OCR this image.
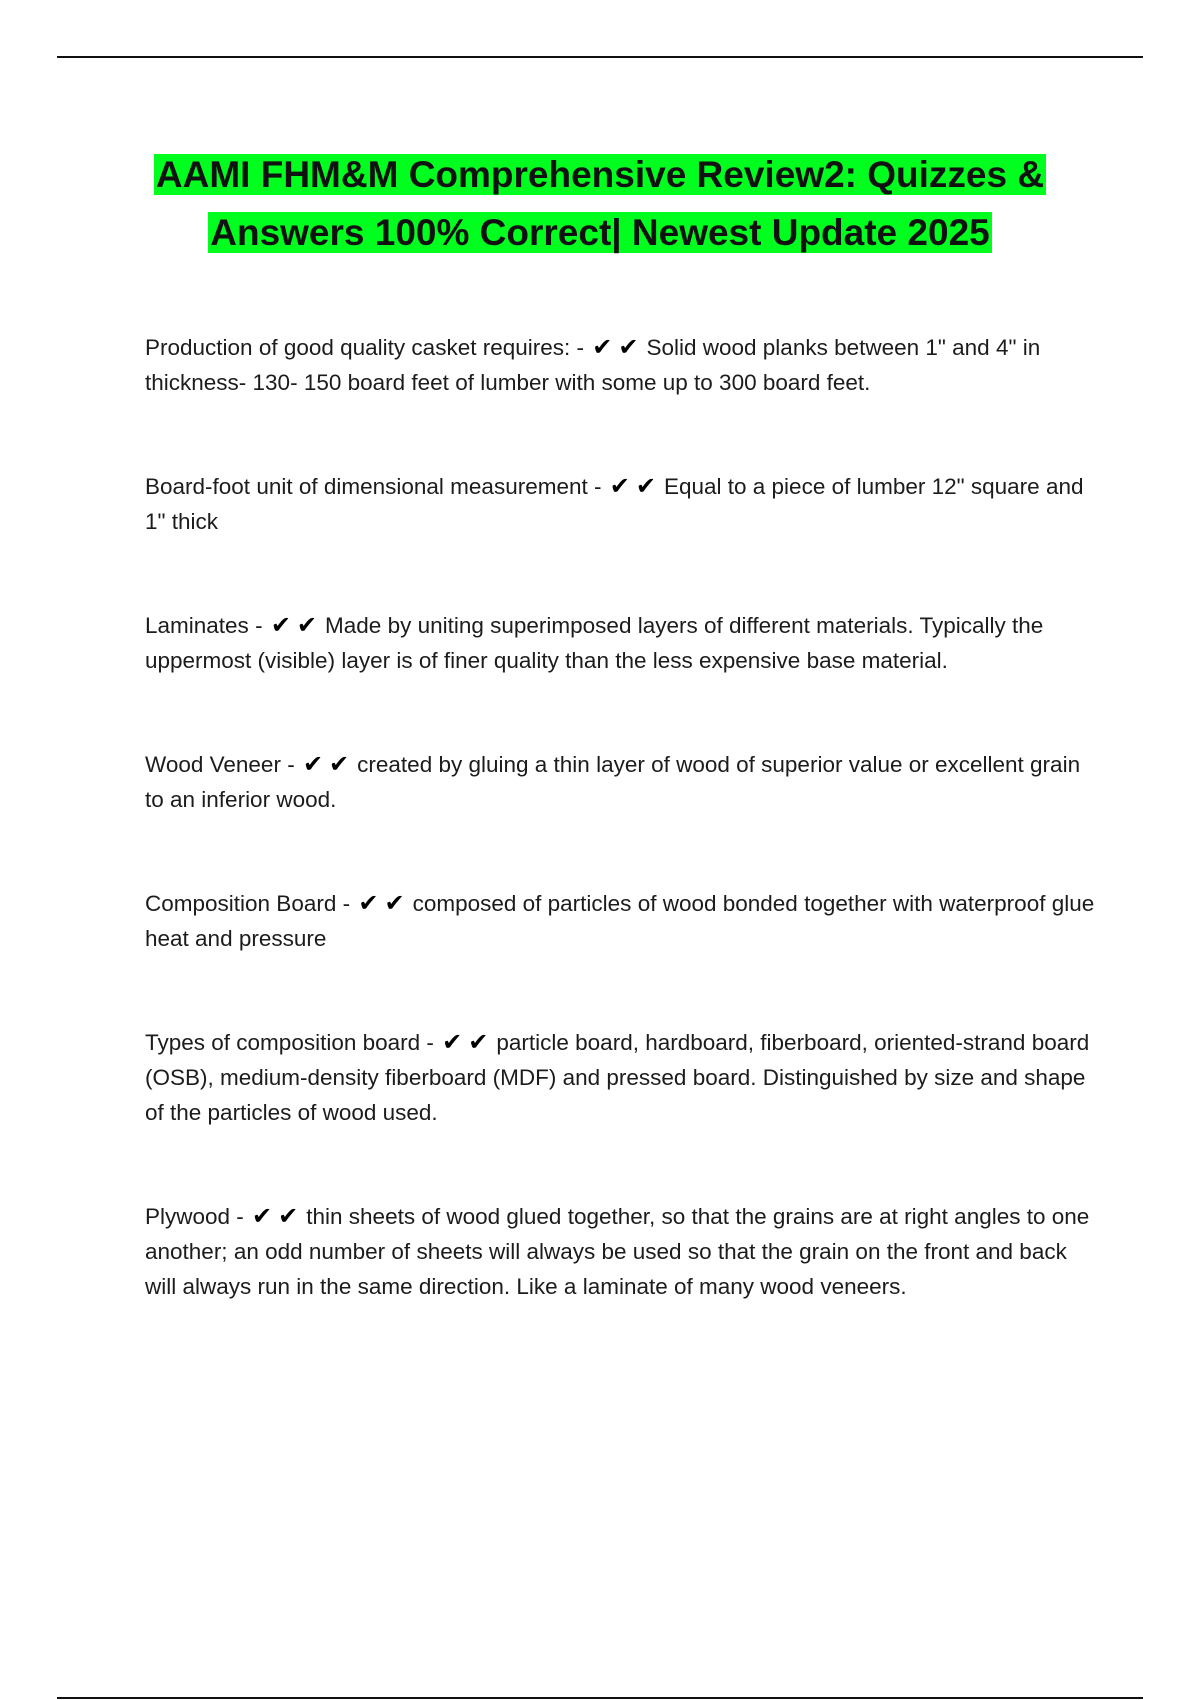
AAMI FHM&M Comprehensive Review2: Quizzes & Answers 100% Correct| Newest Update 2025

Production of good quality casket requires: - ✔✔Solid wood planks between 1" and 4" in thickness- 130- 150 board feet of lumber with some up to 300 board feet.

Board-foot unit of dimensional measurement - ✔✔Equal to a piece of lumber 12" square and 1" thick

Laminates - ✔✔Made by uniting superimposed layers of different materials. Typically the uppermost (visible) layer is of finer quality than the less expensive base material.

Wood Veneer - ✔✔created by gluing a thin layer of wood of superior value or excellent grain to an inferior wood.

Composition Board - ✔✔composed of particles of wood bonded together with waterproof glue heat and pressure

Types of composition board - ✔✔particle board, hardboard, fiberboard, oriented-strand board (OSB), medium-density fiberboard (MDF) and pressed board. Distinguished by size and shape of the particles of wood used.

Plywood - ✔✔thin sheets of wood glued together, so that the grains are at right angles to one another; an odd number of sheets will always be used so that the grain on the front and back will always run in the same direction. Like a laminate of many wood veneers.
